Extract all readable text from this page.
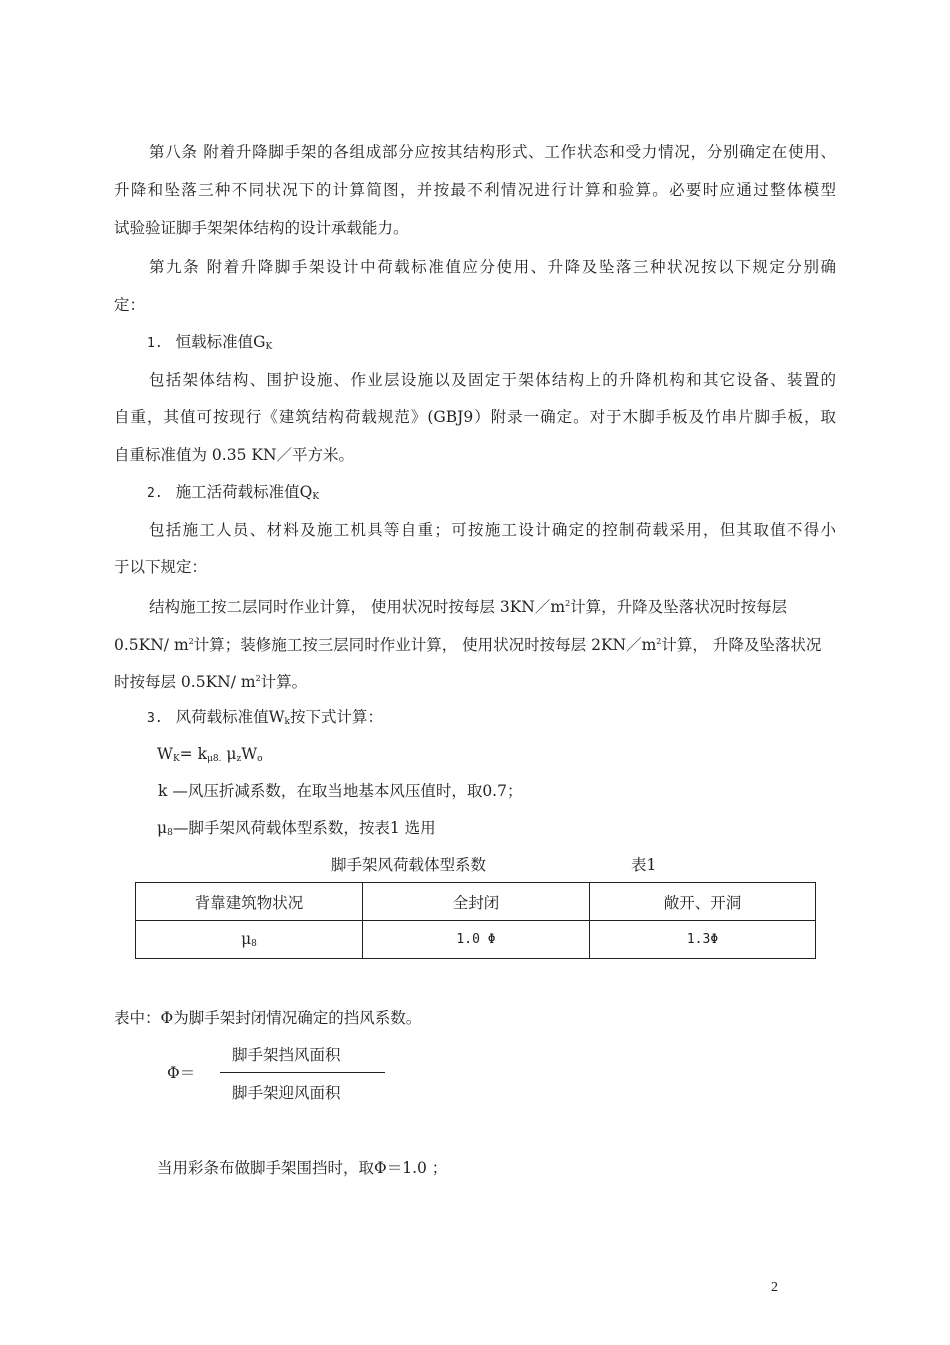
第八条 附着升降脚手架的各组成部分应按其结构形式、工作状态和受力情况，分别确定在使用、
升降和坠落三种不同状况下的计算简图，并按最不利情况进行计算和验算。必要时应通过整体模型
试验验证脚手架架体结构的设计承载能力。
第九条 附着升降脚手架设计中荷载标准值应分使用、升降及坠落三种状况按以下规定分别确
定：
1. 恒载标准值$G_K$
包括架体结构、围护设施、作业层设施以及固定于架体结构上的升降机构和其它设备、装置的
自重，其值可按现行《建筑结构荷载规范》(GBJ9）附录一确定。对于木脚手板及竹串片脚手板，取
自重标准值为 0.35 KN／平方米。
2. 施工活荷载标准值$Q_K$
包括施工人员、材料及施工机具等自重；可按施工设计确定的控制荷载采用，但其取值不得小
于以下规定：
结构施工按二层同时作业计算， 使用状况时按每层 $3KN/m^2$计算，升降及坠落状况时按每层
0.5KN/ $m^2$计算；装修施工按三层同时作业计算， 使用状况时按每层 $2KN/m^2$计算， 升降及坠落状况
时按每层 0.5KN/ $m^2$计算。
3. 风荷载标准值$W_k$按下式计算：
$W_K= k_{\mu 8.}$ $\mu_zW_o$
k —风压折减系数，在取当地基本风压值时，取0.7；
$\mu_8—$脚手架风荷载体型系数，按表1 选用
脚手架风荷载体型系数	表1
背靠建筑物状况	全封闭	敞开、开洞
$\mu_8$	1.0 Φ	1.3Φ
表中：Φ为脚手架封闭情况确定的挡风系数。
Φ＝
脚手架挡风面积
脚手架迎风面积
当用彩条布做脚手架围挡时，取Φ＝1.0 ；
2
